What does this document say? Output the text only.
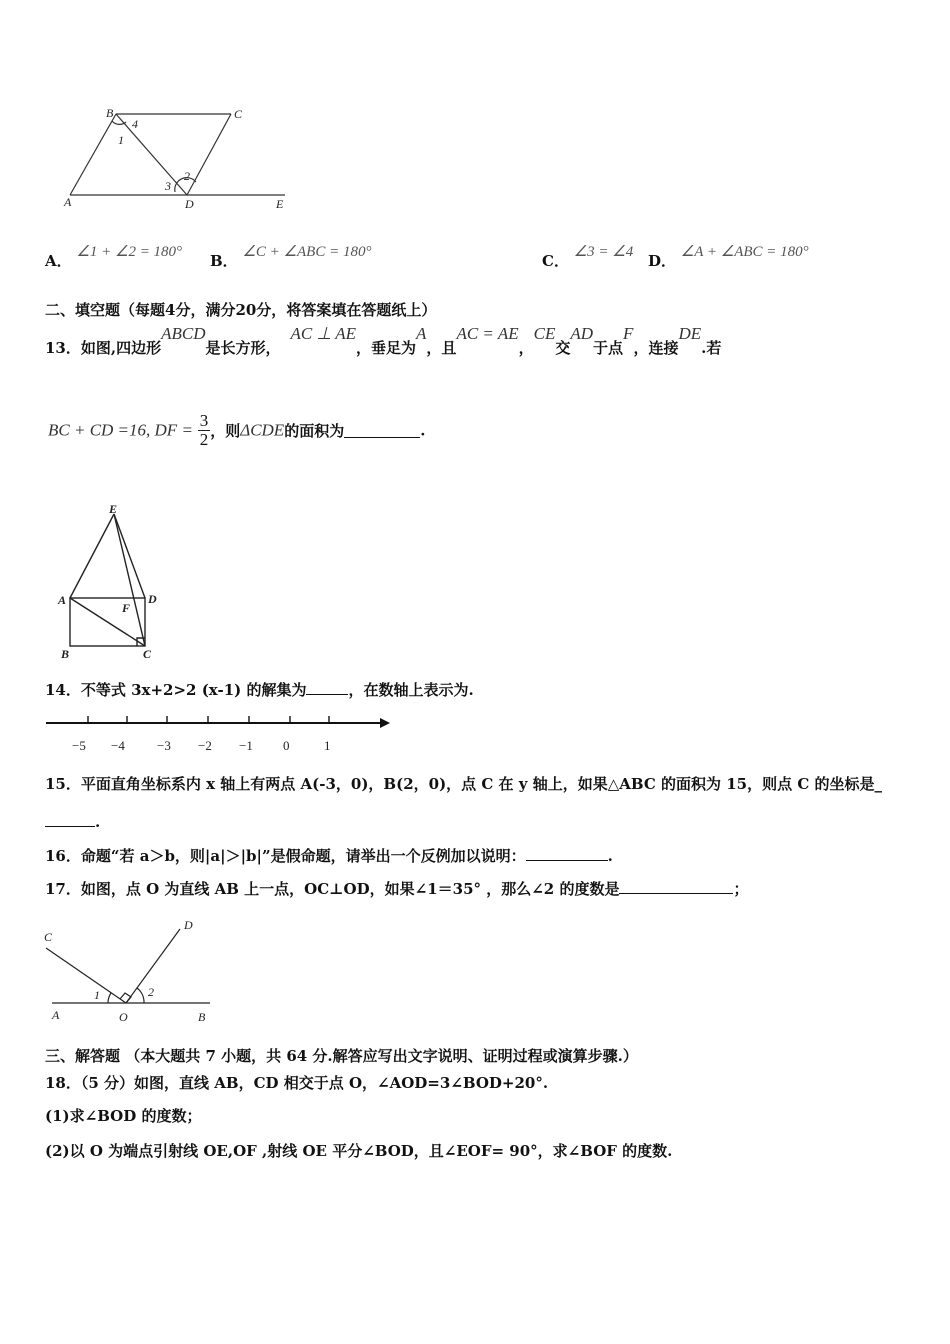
B	C
A	D	E
4
1
2
3
A． ∠1 + ∠2 = 180° B． ∠C + ∠ABC = 180°	C． ∠3 = ∠4 D． ∠A + ∠ABC = 180°
二、填空题（每题4分，满分20分，将答案填在答题纸上）
13．如图,四边形ABCD是长方形，AC ⊥ AE，垂足为A，且AC = AE，CE交AD于点F，连接DE.若
BC + CD =16, DF = $\frac{3}{2}$ ，则ΔCDE的面积为	.
E
A	D
F
B	C
14．不等式 3x+2>2 (x-1) 的解集为	，在数轴上表示为.
−5 −4 −3 −2 −1 0	1
15．平面直角坐标系内 x 轴上有两点 A(-3，0)，B(2，0)，点 C 在 y 轴上，如果△ABC 的面积为 15，则点 C 的坐标是_
.
16．命题“若 a＞b，则|a|＞|b|”是假命题，请举出一个反例加以说明：	.
17．如图，点 O 为直线 AB 上一点，OC⊥OD，如果∠1＝35° ，那么∠2 的度数是	；
C
D
A	O	B
1	2
三、解答题 （本大题共 7 小题，共 64 分.解答应写出文字说明、证明过程或演算步骤.）
18．（5 分）如图，直线 AB，CD 相交于点 O，∠AOD=3∠BOD+20°.
(1)求∠BOD 的度数；
(2)以 O 为端点引射线 OE,OF ,射线 OE 平分∠BOD，且∠EOF= 90°，求∠BOF 的度数.
